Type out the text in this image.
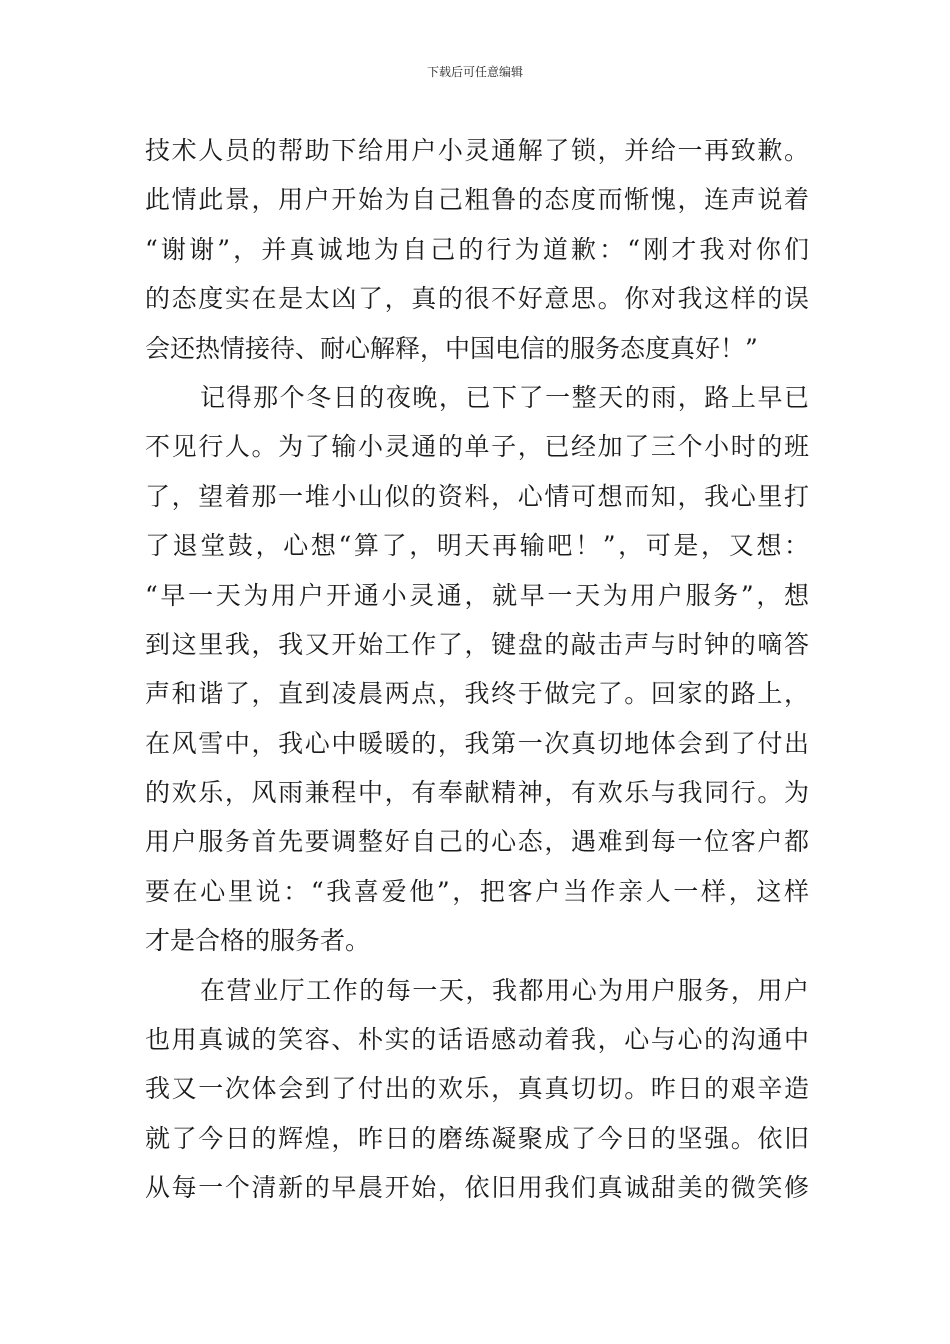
下载后可任意编辑
技术人员的帮助下给用户小灵通解了锁，并给一再致歉。
此情此景，用户开始为自己粗鲁的态度而惭愧，连声说着
“谢谢”，并真诚地为自己的行为道歉：“刚才我对你们
的态度实在是太凶了，真的很不好意思。你对我这样的误
会还热情接待、耐心解释，中国电信的服务态度真好！”
记得那个冬日的夜晚，已下了一整天的雨，路上早已
不见行人。为了输小灵通的单子，已经加了三个小时的班
了，望着那一堆小山似的资料，心情可想而知，我心里打
了退堂鼓，心想“算了，明天再输吧！”，可是，又想：
“早一天为用户开通小灵通，就早一天为用户服务”，想
到这里我，我又开始工作了，键盘的敲击声与时钟的嘀答
声和谐了，直到凌晨两点，我终于做完了。回家的路上，
在风雪中，我心中暖暖的，我第一次真切地体会到了付出
的欢乐，风雨兼程中，有奉献精神，有欢乐与我同行。为
用户服务首先要调整好自己的心态，遇难到每一位客户都
要在心里说：“我喜爱他”，把客户当作亲人一样，这样
才是合格的服务者。
在营业厅工作的每一天，我都用心为用户服务，用户
也用真诚的笑容、朴实的话语感动着我，心与心的沟通中
我又一次体会到了付出的欢乐，真真切切。昨日的艰辛造
就了今日的辉煌，昨日的磨练凝聚成了今日的坚强。依旧
从每一个清新的早晨开始，依旧用我们真诚甜美的微笑修
